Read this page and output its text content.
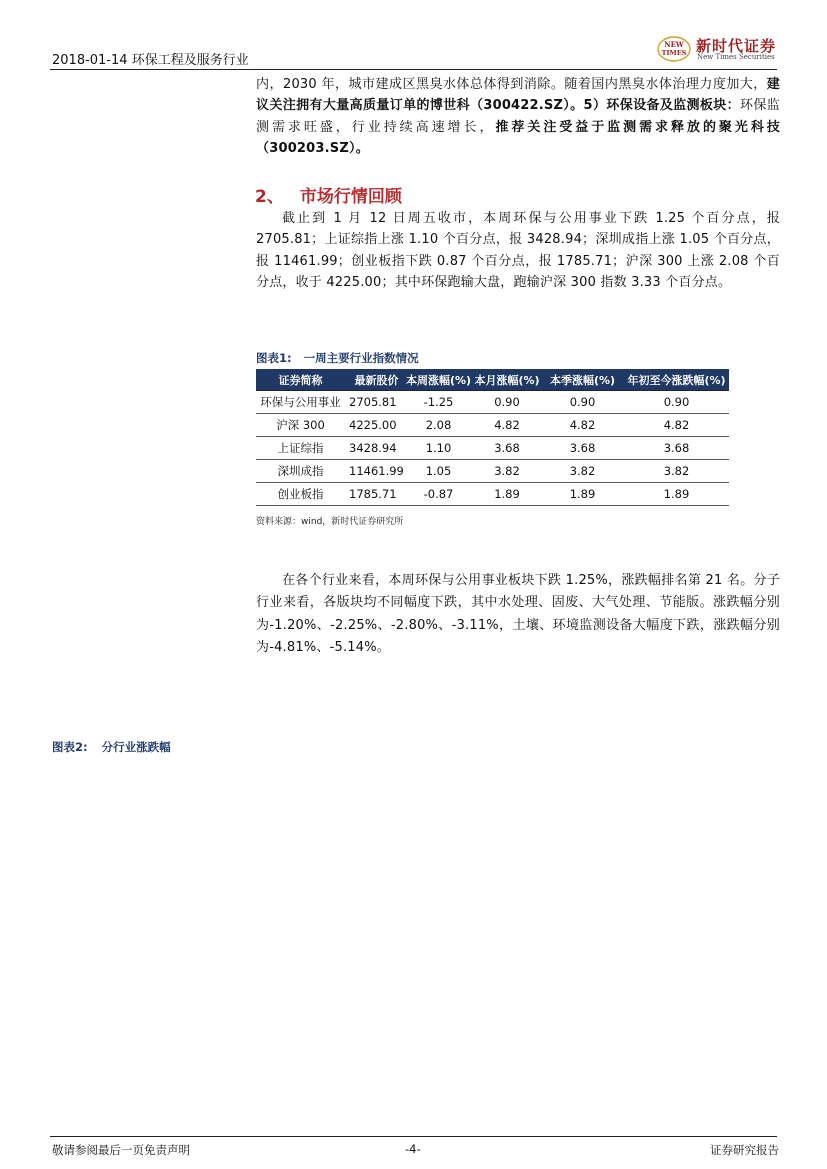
2018-01-14 环保工程及服务行业
NEW
TIMES 新时代证券
New Times Securities
内，2030 年，城市建成区黑臭水体总体得到消除。随着国内黑臭水体治理力度加大，建议关注拥有大量高质量订单的博世科（300422.SZ）。5）环保设备及监测板块：环保监测需求旺盛，行业持续高速增长，推荐关注受益于监测需求释放的聚光科技（300203.SZ）。
2、 市场行情回顾
截止到 1 月 12 日周五收市，本周环保与公用事业下跌 1.25 个百分点，报 2705.81；上证综指上涨 1.10 个百分点，报 3428.94；深圳成指上涨 1.05 个百分点，报 11461.99；创业板指下跌 0.87 个百分点，报 1785.71；沪深 300 上涨 2.08 个百分点，收于 4225.00；其中环保跑输大盘，跑输沪深 300 指数 3.33 个百分点。
图表1: 一周主要行业指数情况
证券简称	最新股价	本周涨幅(%)	本月涨幅(%)	本季涨幅(%)	年初至今涨跌幅(%)
环保与公用事业	2705.81	-1.25	0.90	0.90	0.90
沪深 300	4225.00	2.08	4.82	4.82	4.82
上证综指	3428.94	1.10	3.68	3.68	3.68
深圳成指	11461.99	1.05	3.82	3.82	3.82
创业板指	1785.71	-0.87	1.89	1.89	1.89
资料来源：wind，新时代证券研究所
在各个行业来看，本周环保与公用事业板块下跌 1.25%，涨跌幅排名第 21 名。分子行业来看，各版块均不同幅度下跌，其中水处理、固废、大气处理、节能版。涨跌幅分别为-1.20%、-2.25%、-2.80%、-3.11%，土壤、环境监测设备大幅度下跌，涨跌幅分别为-4.81%、-5.14%。
图表2: 分行业涨跌幅
敬请参阅最后一页免责声明	-4-	证券研究报告
